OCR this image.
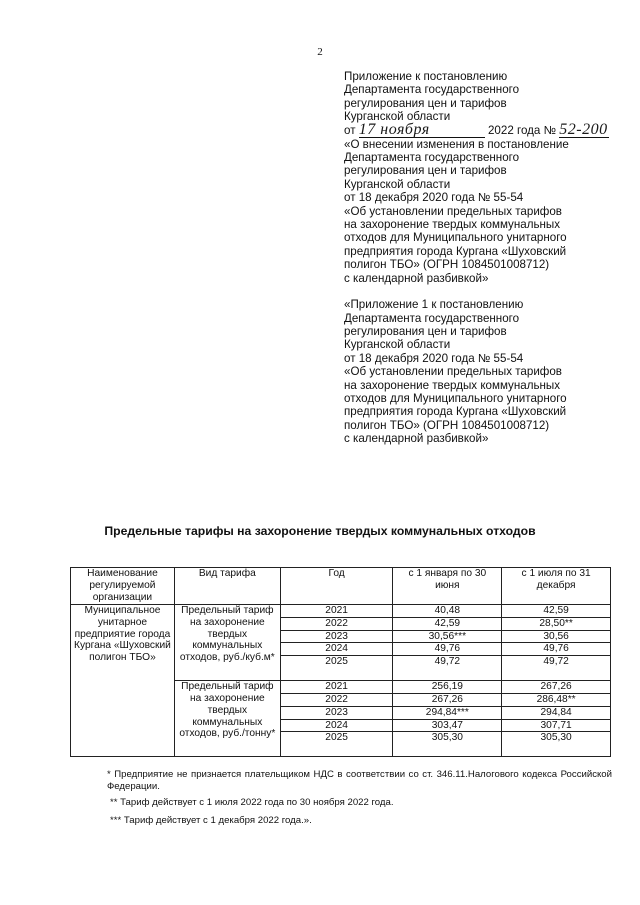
2

Приложение к постановлению

Департамента государственного

регулирования цен и тарифов

Курганской области

от 17 ноября	2022 года № 52-200

«О внесении изменения в постановление

Департамента государственного

регулирования цен и тарифов

Курганской области

от 18 декабря 2020 года № 55-54

«Об установлении предельных тарифов

на захоронение твердых коммунальных

отходов для Муниципального унитарного

предприятия города Кургана «Шуховский

полигон ТБО» (ОГРН 1084501008712)

с календарной разбивкой»

«Приложение 1 к постановлению

Департамента государственного

регулирования цен и тарифов

Курганской области

от 18 декабря 2020 года № 55-54

«Об установлении предельных тарифов

на захоронение твердых коммунальных

отходов для Муниципального унитарного

предприятия города Кургана «Шуховский

полигон ТБО» (ОГРН 1084501008712)

с календарной разбивкой»

Предельные тарифы на захоронение твердых коммунальных отходов
Наименование регулируемой организации	Вид тарифа	Год	с 1 января по 30 июня	с 1 июля по 31 декабря
Муниципальное унитарное предприятие города Кургана «Шуховский полигон ТБО»	Предельный тариф на захоронение твердых коммунальных отходов, руб./куб.м*	2021	40,48	42,59
		2022	42,59	28,50**
		2023	30,56***	30,56
		2024	49,76	49,76
		2025	49,72	49,72
	Предельный тариф на захоронение твердых коммунальных отходов, руб./тонну*	2021	256,19	267,26
		2022	267,26	286,48**
		2023	294,84***	294,84
		2024	303,47	307,71
		2025	305,30	305,30

* Предприятие не признается плательщиком НДС в соответствии со ст. 346.11.Налогового кодекса Российской Федерации.

** Тариф действует с 1 июля 2022 года по 30 ноября 2022 года.

*** Тариф действует с 1 декабря 2022 года.».
